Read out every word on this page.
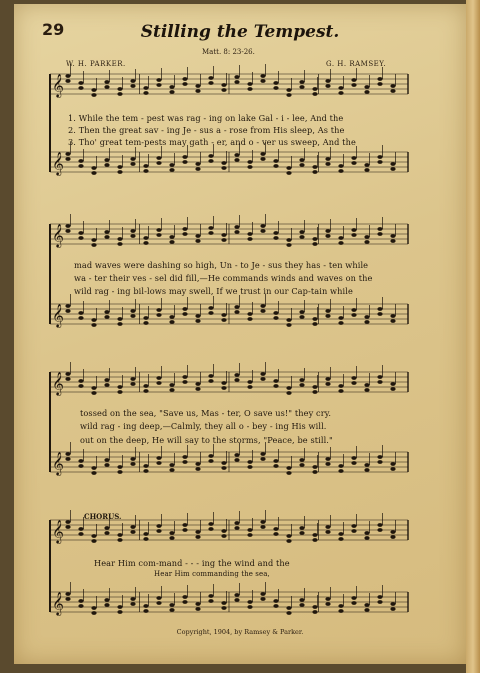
29	Stilling the Tempest.
Matt. 8: 23-26.
W. H. PARKER.	G. H. RAMSEY.
𝄞
𝄞
𝄞
𝄞
𝄞
𝄞
𝄞
𝄞
1. While the tem - pest was rag - ing on lake Gal - i - lee, And the
2. Then the great sav - ing Je - sus a - rose from His sleep, As the
3. Tho' great tem-pests may gath - er, and o - ver us sweep, And the
mad waves were dashing so high, Un - to Je - sus they has - ten while
wa - ter their ves - sel did fill,—He commands winds and waves on the
wild rag - ing bil-lows may swell, If we trust in our Cap-tain while
tossed on the sea, "Save us, Mas - ter, O save us!" they cry.
wild rag - ing deep,—Calmly, they all o - bey - ing His will.
out on the deep, He will say to the storms, "Peace, be still."
CHORUS.
Hear Him com-mand - - - ing the wind and the
Hear Him commanding the sea,
Copyright, 1904, by Ramsey & Parker.
